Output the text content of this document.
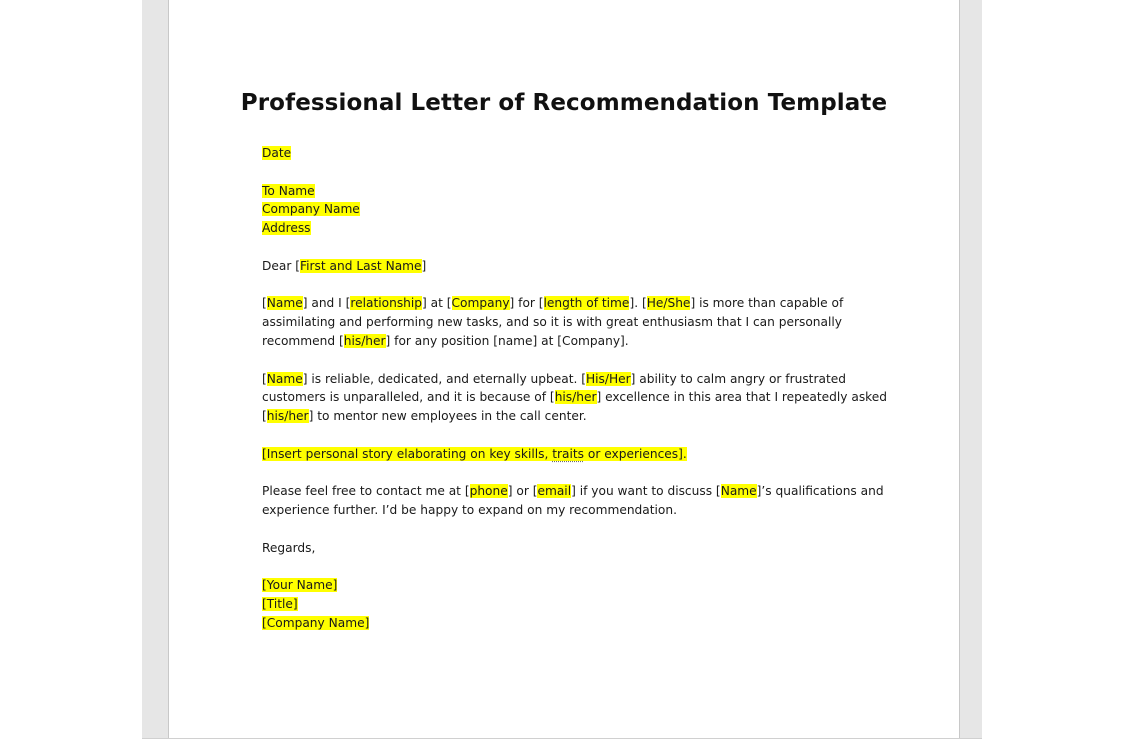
Professional Letter of Recommendation Template
Date
To Name
Company Name
Address
Dear [First and Last Name]
[Name] and I [relationship] at [Company] for [length of time]. [He/She] is more than capable of
assimilating and performing new tasks, and so it is with great enthusiasm that I can personally
recommend [his/her] for any position [name] at [Company].
[Name] is reliable, dedicated, and eternally upbeat. [His/Her] ability to calm angry or frustrated
customers is unparalleled, and it is because of [his/her] excellence in this area that I repeatedly asked
[his/her] to mentor new employees in the call center.
[Insert personal story elaborating on key skills, traits or experiences].
Please feel free to contact me at [phone] or [email] if you want to discuss [Name]’s qualifications and
experience further. I’d be happy to expand on my recommendation.
Regards,
[Your Name]
[Title]
[Company Name]
